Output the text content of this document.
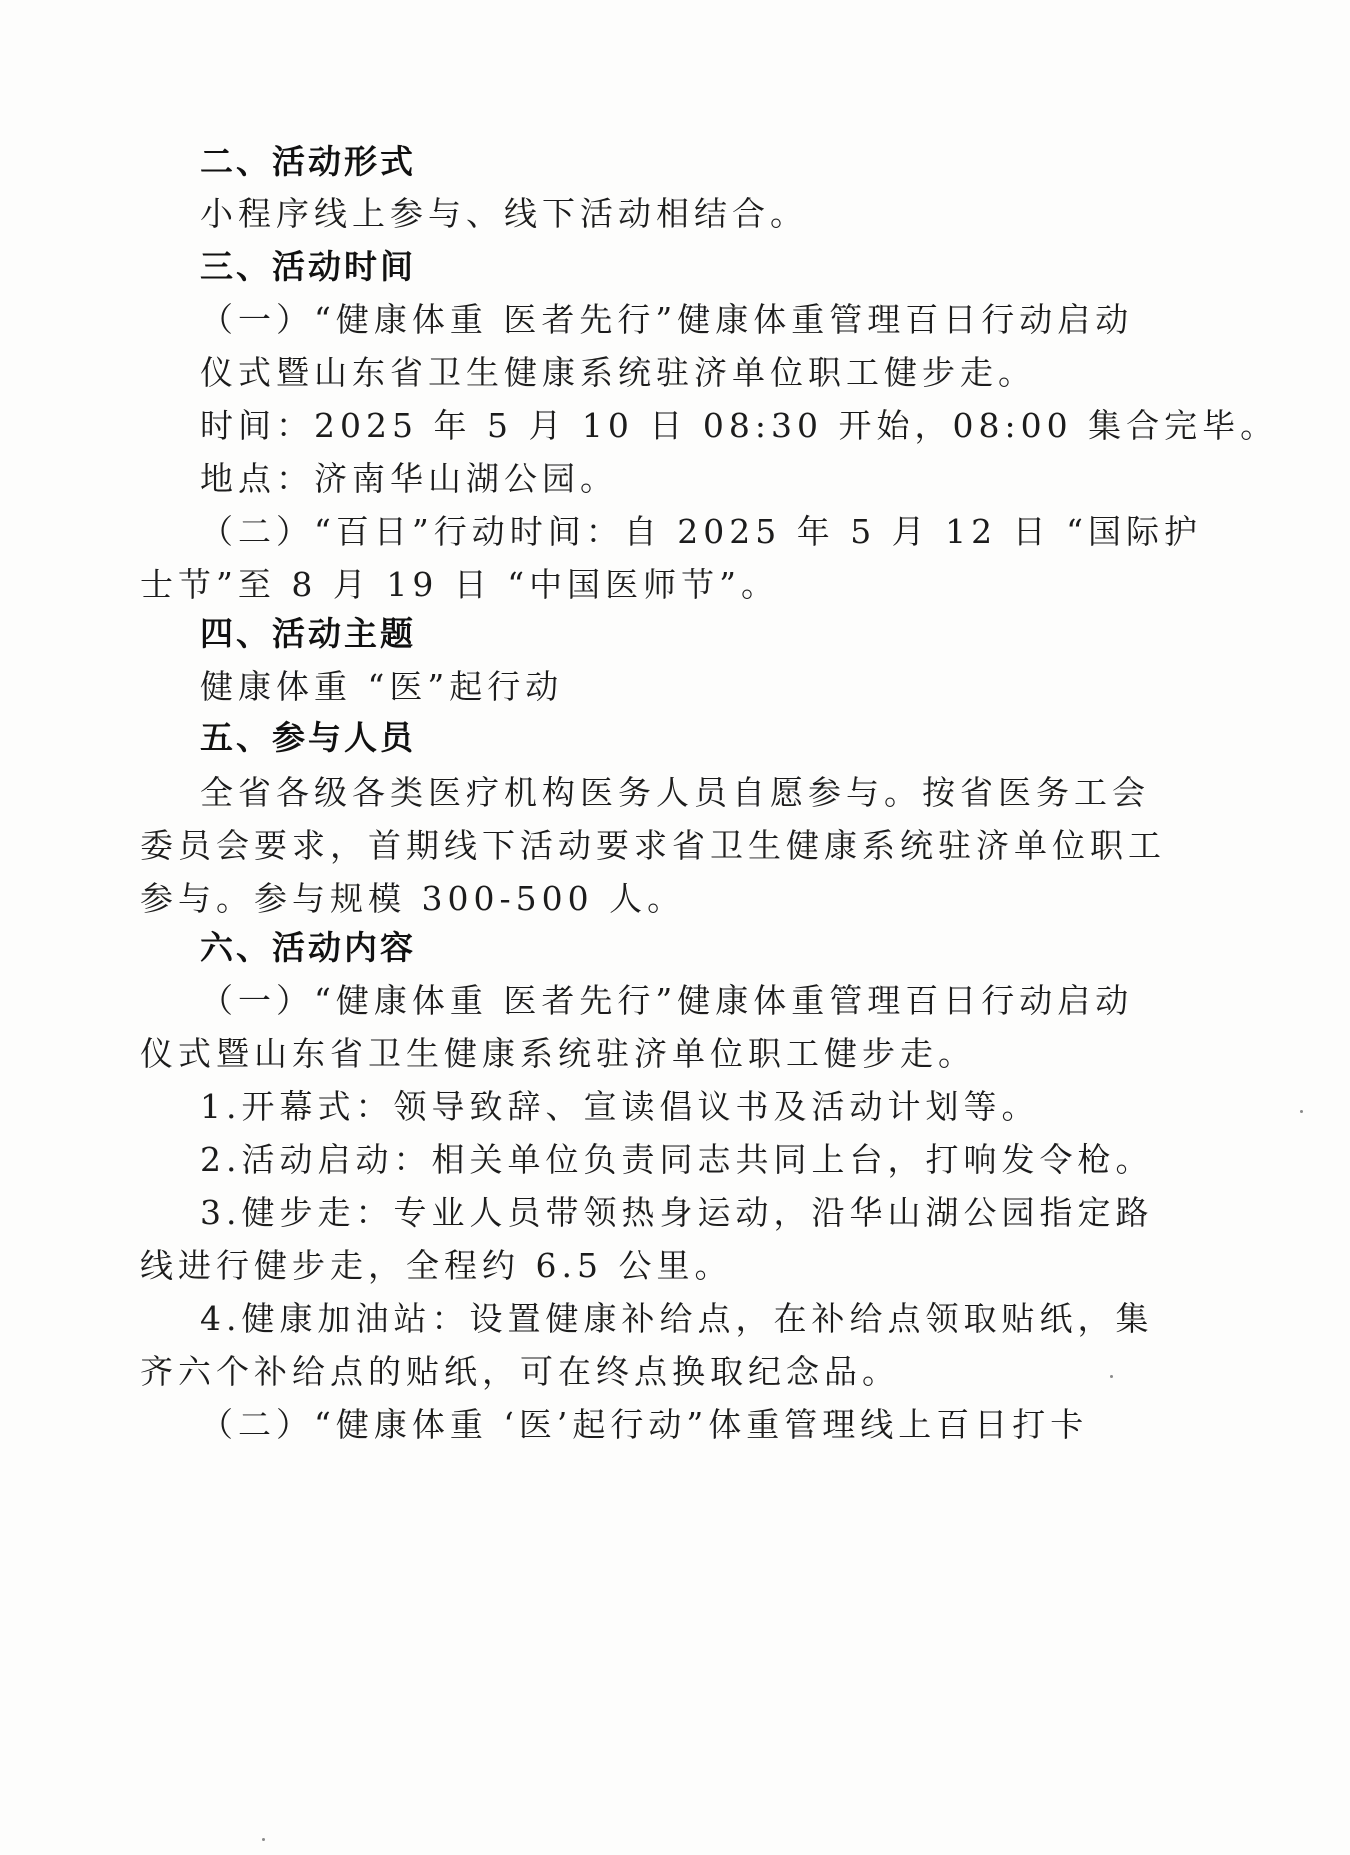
二、活动形式
小程序线上参与、线下活动相结合。
三、活动时间
（一）“健康体重 医者先行”健康体重管理百日行动启动
仪式暨山东省卫生健康系统驻济单位职工健步走。
时间：2025 年 5 月 10 日 08:30 开始，08:00 集合完毕。
地点：济南华山湖公园。
（二）“百日”行动时间：自 2025 年 5 月 12 日 “国际护
士节”至 8 月 19 日 “中国医师节”。
四、活动主题
健康体重 “医”起行动
五、参与人员
全省各级各类医疗机构医务人员自愿参与。按省医务工会
委员会要求，首期线下活动要求省卫生健康系统驻济单位职工
参与。参与规模 300-500 人。
六、活动内容
（一）“健康体重 医者先行”健康体重管理百日行动启动
仪式暨山东省卫生健康系统驻济单位职工健步走。
1.开幕式：领导致辞、宣读倡议书及活动计划等。
2.活动启动：相关单位负责同志共同上台，打响发令枪。
3.健步走：专业人员带领热身运动，沿华山湖公园指定路
线进行健步走，全程约 6.5 公里。
4.健康加油站：设置健康补给点，在补给点领取贴纸，集
齐六个补给点的贴纸，可在终点换取纪念品。
（二）“健康体重 ‘医’起行动”体重管理线上百日打卡
